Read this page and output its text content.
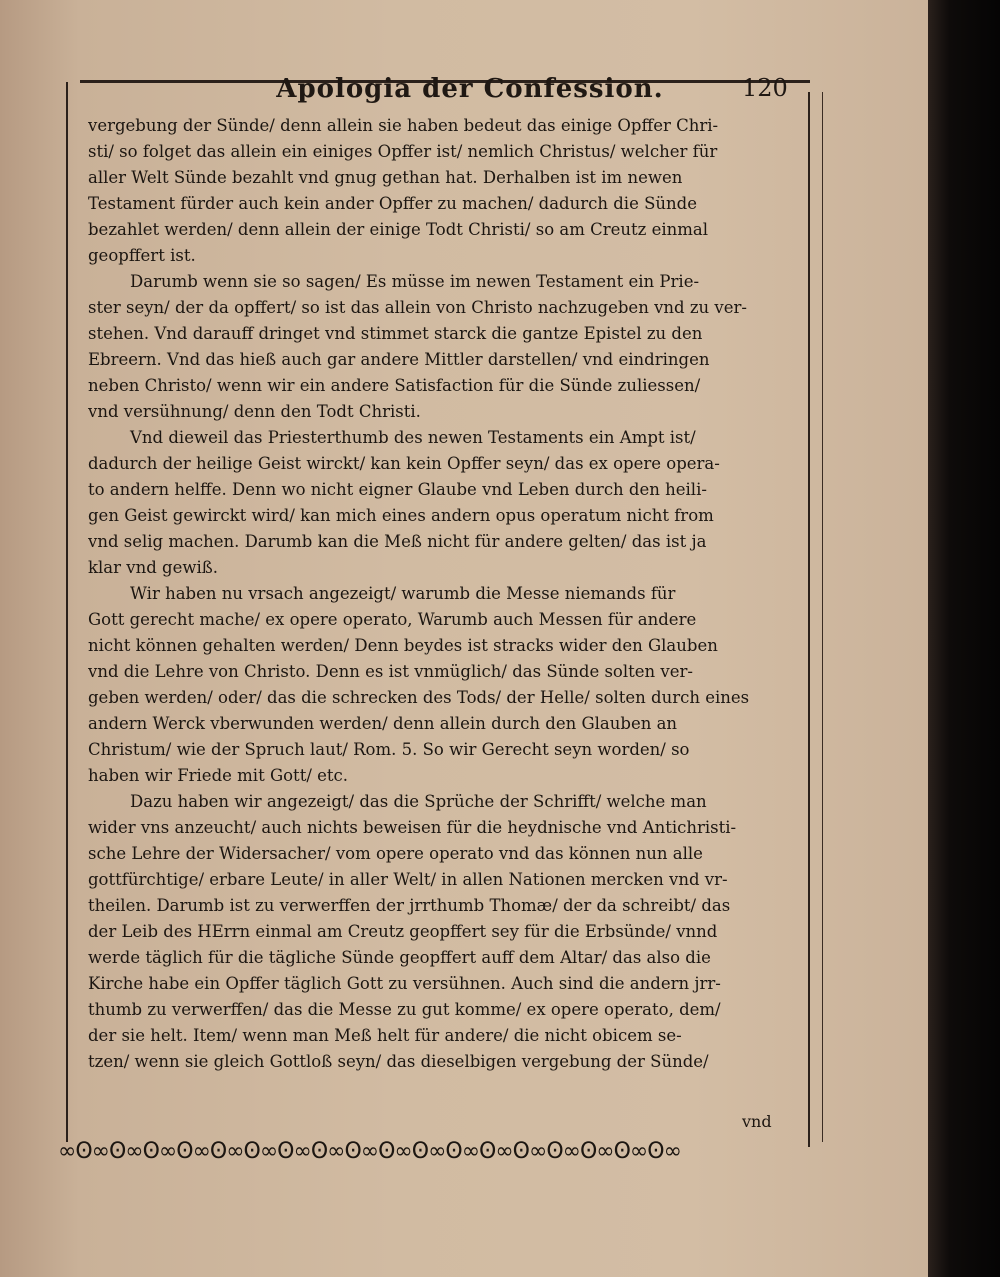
Apologia der Confession.	120
vergebung der Sünde/ denn allein sie haben bedeut das einige Opffer Chri-
sti/ so folget das allein ein einiges Opffer ist/ nemlich Christus/ welcher für
aller Welt Sünde bezahlt vnd gnug gethan hat. Derhalben ist im newen
Testament fürder auch kein ander Opffer zu machen/ dadurch die Sünde
bezahlet werden/ denn allein der einige Todt Christi/ so am Creutz einmal
geopffert ist.
Darumb wenn sie so sagen/ Es müsse im newen Testament ein Prie-
ster seyn/ der da opffert/ so ist das allein von Christo nachzugeben vnd zu ver-
stehen. Vnd darauff dringet vnd stimmet starck die gantze Epistel zu den
Ebreern. Vnd das hieß auch gar andere Mittler darstellen/ vnd eindringen
neben Christo/ wenn wir ein andere Satisfaction für die Sünde zuliessen/
vnd versühnung/ denn den Todt Christi.
Vnd dieweil das Priesterthumb des newen Testaments ein Ampt ist/
dadurch der heilige Geist wirckt/ kan kein Opffer seyn/ das ex opere opera-
to andern helffe. Denn wo nicht eigner Glaube vnd Leben durch den heili-
gen Geist gewirckt wird/ kan mich eines andern opus operatum nicht from
vnd selig machen. Darumb kan die Meß nicht für andere gelten/ das ist ja
klar vnd gewiß.
Wir haben nu vrsach angezeigt/ warumb die Messe niemands für
Gott gerecht mache/ ex opere operato, Warumb auch Messen für andere
nicht können gehalten werden/ Denn beydes ist stracks wider den Glauben
vnd die Lehre von Christo. Denn es ist vnmüglich/ das Sünde solten ver-
geben werden/ oder/ das die schrecken des Tods/ der Helle/ solten durch eines
andern Werck vberwunden werden/ denn allein durch den Glauben an
Christum/ wie der Spruch laut/ Rom. 5. So wir Gerecht seyn worden/ so
haben wir Friede mit Gott/ etc.
Dazu haben wir angezeigt/ das die Sprüche der Schrifft/ welche man
wider vns anzeucht/ auch nichts beweisen für die heydnische vnd Antichristi-
sche Lehre der Widersacher/ vom opere operato vnd das können nun alle
gottfürchtige/ erbare Leute/ in aller Welt/ in allen Nationen mercken vnd vr-
theilen. Darumb ist zu verwerffen der jrrthumb Thomæ/ der da schreibt/ das
der Leib des HErrn einmal am Creutz geopffert sey für die Erbsünde/ vnnd
werde täglich für die tägliche Sünde geopffert auff dem Altar/ das also die
Kirche habe ein Opffer täglich Gott zu versühnen. Auch sind die andern jrr-
thumb zu verwerffen/ das die Messe zu gut komme/ ex opere operato, dem/
der sie helt. Item/ wenn man Meß helt für andere/ die nicht obicem se-
tzen/ wenn sie gleich Gottloß seyn/ das dieselbigen vergebung der Sünde/
vnd
∞Ꙩ∞Ꙩ∞Ꙩ∞Ꙩ∞Ꙩ∞Ꙩ∞Ꙩ∞Ꙩ∞Ꙩ∞Ꙩ∞Ꙩ∞Ꙩ∞Ꙩ∞Ꙩ∞Ꙩ∞Ꙩ∞Ꙩ∞Ꙩ∞
